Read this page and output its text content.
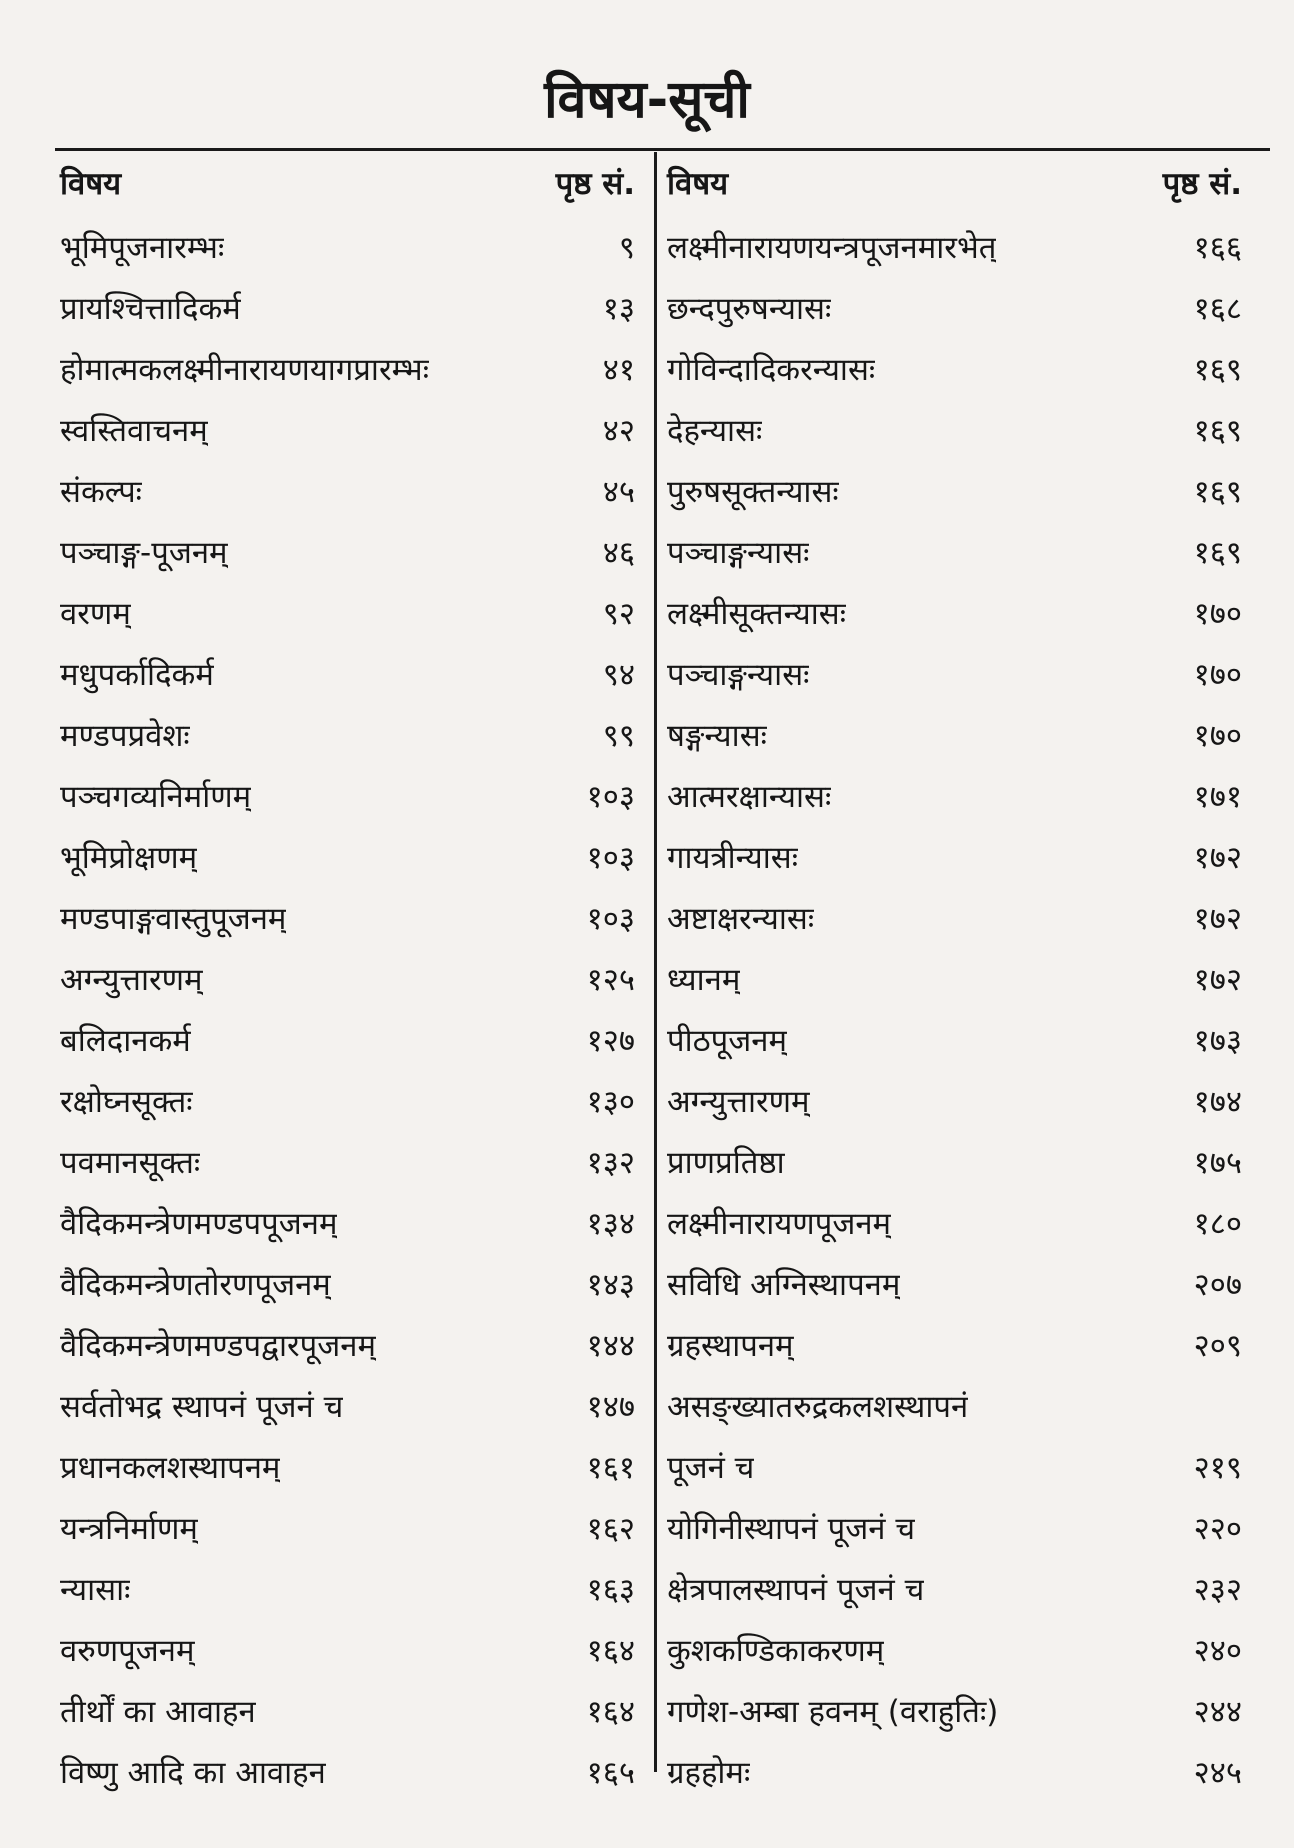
विषय-सूची
विषय	पृष्ठ सं.
भूमिपूजनारम्भः	९
प्रायश्चित्तादिकर्म	१३
होमात्मकलक्ष्मीनारायणयागप्रारम्भः	४१
स्वस्तिवाचनम्	४२
संकल्पः	४५
पञ्चाङ्ग-पूजनम्	४६
वरणम्	९२
मधुपर्कादिकर्म	९४
मण्डपप्रवेशः	९९
पञ्चगव्यनिर्माणम्	१०३
भूमिप्रोक्षणम्	१०३
मण्डपाङ्गवास्तुपूजनम्	१०३
अग्न्युत्तारणम्	१२५
बलिदानकर्म	१२७
रक्षोघ्नसूक्तः	१३०
पवमानसूक्तः	१३२
वैदिकमन्त्रेणमण्डपपूजनम्	१३४
वैदिकमन्त्रेणतोरणपूजनम्	१४३
वैदिकमन्त्रेणमण्डपद्वारपूजनम्	१४४
सर्वतोभद्र स्थापनं पूजनं च	१४७
प्रधानकलशस्थापनम्	१६१
यन्त्रनिर्माणम्	१६२
न्यासाः	१६३
वरुणपूजनम्	१६४
तीर्थों का आवाहन	१६४
विष्णु आदि का आवाहन	१६५
विषय	पृष्ठ सं.
लक्ष्मीनारायणयन्त्रपूजनमारभेत्	१६६
छन्दपुरुषन्यासः	१६८
गोविन्दादिकरन्यासः	१६९
देहन्यासः	१६९
पुरुषसूक्तन्यासः	१६९
पञ्चाङ्गन्यासः	१६९
लक्ष्मीसूक्तन्यासः	१७०
पञ्चाङ्गन्यासः	१७०
षङ्गन्यासः	१७०
आत्मरक्षान्यासः	१७१
गायत्रीन्यासः	१७२
अष्टाक्षरन्यासः	१७२
ध्यानम्	१७२
पीठपूजनम्	१७३
अग्न्युत्तारणम्	१७४
प्राणप्रतिष्ठा	१७५
लक्ष्मीनारायणपूजनम्	१८०
सविधि अग्निस्थापनम्	२०७
ग्रहस्थापनम्	२०९
असङ्ख्यातरुद्रकलशस्थापनं
पूजनं च	२१९
योगिनीस्थापनं पूजनं च	२२०
क्षेत्रपालस्थापनं पूजनं च	२३२
कुशकण्डिकाकरणम्	२४०
गणेश-अम्बा हवनम् (वराहुतिः)	२४४
ग्रहहोमः	२४५
